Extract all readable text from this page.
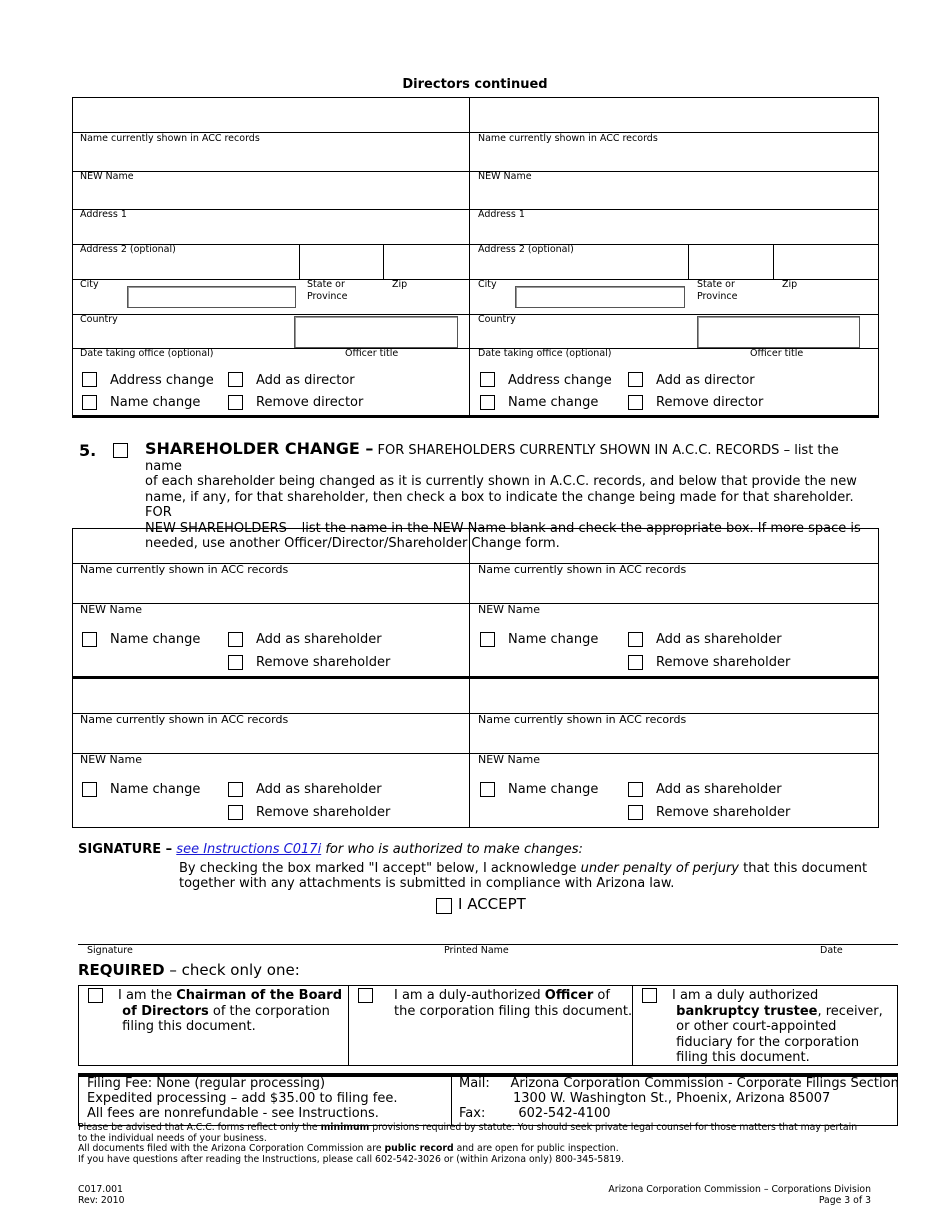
Directors continued
Name currently shown in ACC records
NEW Name
Address 1
Address 2 (optional)
City	State or
Province
Zip
Country
Date taking office (optional)	Officer title
Address change	Add as director
Name change	Remove director
Name currently shown in ACC records
NEW Name
Address 1
Address 2 (optional)
City	State or
Province
Zip
Country
Date taking office (optional)	Officer title
Address change	Add as director
Name change	Remove director
5.	SHAREHOLDER CHANGE – FOR SHAREHOLDERS CURRENTLY SHOWN IN A.C.C. RECORDS – list the name
of each shareholder being changed as it is currently shown in A.C.C. records, and below that provide the new
name, if any, for that shareholder, then check a box to indicate the change being made for that shareholder. FOR
NEW SHAREHOLDERS – list the name in the NEW Name blank and check the appropriate box. If more space is
needed, use another Officer/Director/Shareholder Change form.
Name currently shown in ACC records
NEW Name
Name change	Add as shareholder
Remove shareholder
Name currently shown in ACC records
NEW Name
Name change	Add as shareholder
Remove shareholder
Name currently shown in ACC records
NEW Name
Name change	Add as shareholder
Remove shareholder
Name currently shown in ACC records
NEW Name
Name change	Add as shareholder
Remove shareholder
SIGNATURE – see Instructions C017i for who is authorized to make changes:
By checking the box marked "I accept" below, I acknowledge under penalty of perjury that this document
together with any attachments is submitted in compliance with Arizona law.
I ACCEPT
Signature	Printed Name	Date
REQUIRED – check only one:
I am the Chairman of the Board
of Directors of the corporation
filing this document.
I am a duly-authorized Officer of
the corporation filing this document.
I am a duly authorized
bankruptcy trustee, receiver,
or other court-appointed
fiduciary for the corporation
filing this document.
Filing Fee: None (regular processing)
Expedited processing – add $35.00 to filing fee.
All fees are nonrefundable - see Instructions.
Mail: Arizona Corporation Commission - Corporate Filings Section
1300 W. Washington St., Phoenix, Arizona 85007
Fax:	602-542-4100
Please be advised that A.C.C. forms reflect only the minimum provisions required by statute. You should seek private legal counsel for those matters that may pertain
to the individual needs of your business.
All documents filed with the Arizona Corporation Commission are public record and are open for public inspection.
If you have questions after reading the Instructions, please call 602-542-3026 or (within Arizona only) 800-345-5819.
C017.001
Rev: 2010
Arizona Corporation Commission – Corporations Division
Page 3 of 3
